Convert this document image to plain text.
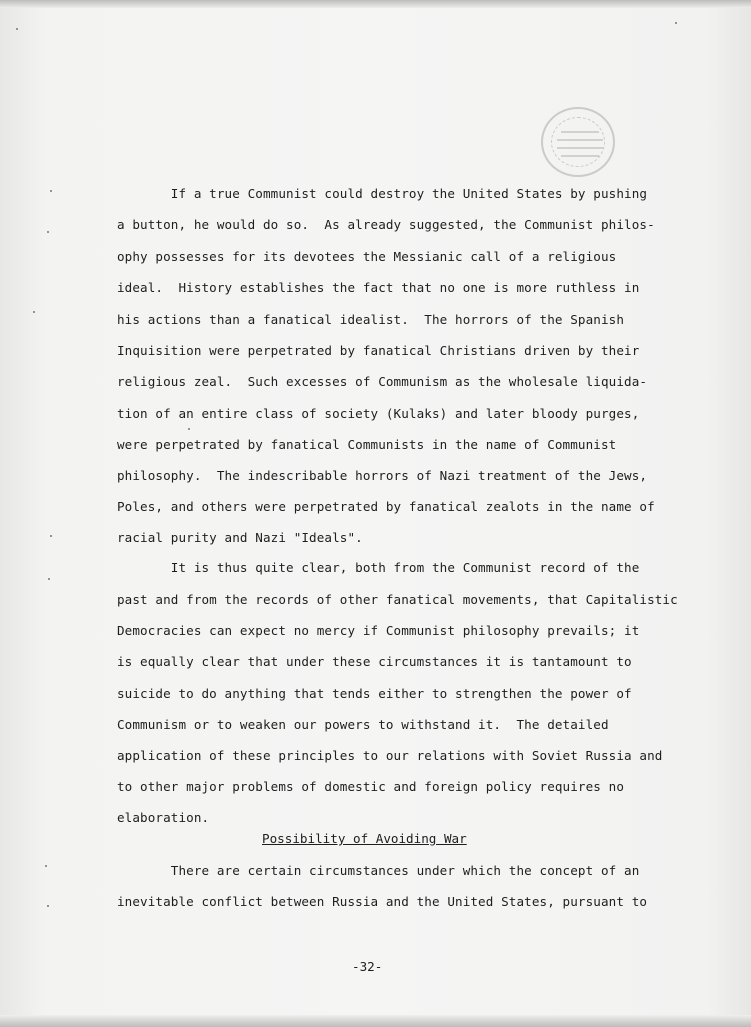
If a true Communist could destroy the United States by pushing

a button, he would do so.  As already suggested, the Communist philos-

ophy possesses for its devotees the Messianic call of a religious

ideal.  History establishes the fact that no one is more ruthless in

his actions than a fanatical idealist.  The horrors of the Spanish

Inquisition were perpetrated by fanatical Christians driven by their

religious zeal.  Such excesses of Communism as the wholesale liquida-

tion of an entire class of society (Kulaks) and later bloody purges,

were perpetrated by fanatical Communists in the name of Communist

philosophy.  The indescribable horrors of Nazi treatment of the Jews,

Poles, and others were perpetrated by fanatical zealots in the name of

racial purity and Nazi "Ideals".

It is thus quite clear, both from the Communist record of the

past and from the records of other fanatical movements, that Capitalistic

Democracies can expect no mercy if Communist philosophy prevails; it

is equally clear that under these circumstances it is tantamount to

suicide to do anything that tends either to strengthen the power of

Communism or to weaken our powers to withstand it.  The detailed

application of these principles to our relations with Soviet Russia and

to other major problems of domestic and foreign policy requires no

elaboration.

Possibility of Avoiding War

There are certain circumstances under which the concept of an

inevitable conflict between Russia and the United States, pursuant to

-32-
